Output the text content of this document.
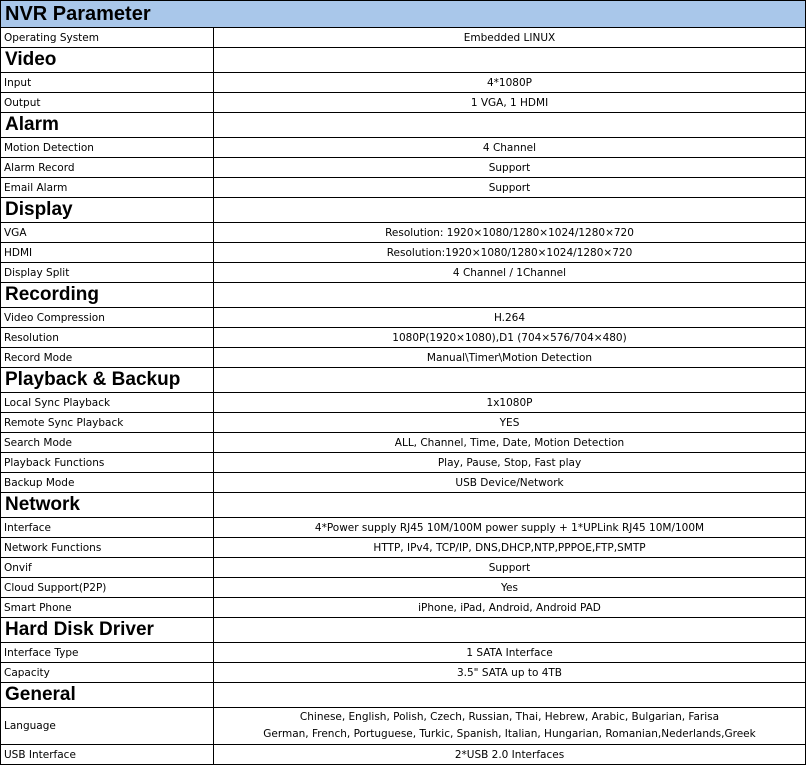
NVR Parameter	
Operating System	Embedded LINUX
Video	
Input	4*1080P
Output	1 VGA, 1 HDMI
Alarm	
Motion Detection	4 Channel
Alarm Record	Support
Email Alarm	Support
Display	
VGA	Resolution: 1920×1080/1280×1024/1280×720
HDMI	Resolution:1920×1080/1280×1024/1280×720
Display Split	4 Channel / 1Channel
Recording	
Video Compression	H.264
Resolution	1080P(1920×1080),D1 (704×576/704×480)
Record Mode	Manual\Timer\Motion Detection
Playback & Backup	
Local Sync Playback	1x1080P
Remote Sync Playback	YES
Search Mode	ALL, Channel, Time, Date, Motion Detection
Playback Functions	Play, Pause, Stop, Fast play
Backup Mode	USB Device/Network
Network	
Interface	4*Power supply RJ45 10M/100M power supply + 1*UPLink RJ45 10M/100M
Network Functions	HTTP, IPv4, TCP/IP, DNS,DHCP,NTP,PPPOE,FTP,SMTP
Onvif	Support
Cloud Support(P2P)	Yes
Smart Phone	iPhone, iPad, Android, Android PAD
Hard Disk Driver	
Interface Type	1 SATA Interface
Capacity	3.5" SATA up to 4TB
General	
Language	Chinese, English, Polish, Czech, Russian, Thai, Hebrew, Arabic, Bulgarian, Farisa
German, French, Portuguese, Turkic, Spanish, Italian, Hungarian, Romanian,Nederlands,Greek

USB Interface	2*USB 2.0 Interfaces
